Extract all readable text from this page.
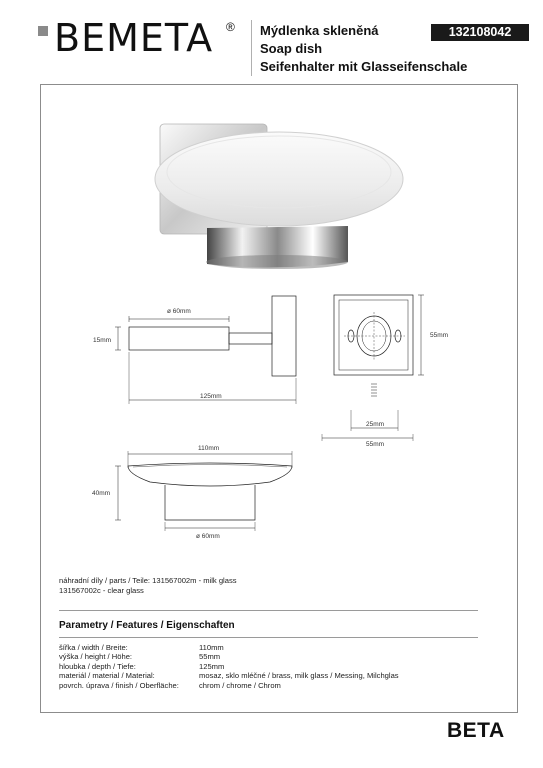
BEMETA ® Mýdlenka skleněná
Soap dish
Seifenhalter mit Glasseifenschale
132108042
ø 60mm
15mm
125mm
55mm
25mm
55mm
110mm
40mm
ø 60mm
náhradní díly / parts / Teile: 131567002m - milk glass
131567002c - clear glass
Parametry / Features / Eigenschaften
šířka / width / Breite:	110mm
výška / height / Höhe:	55mm
hloubka / depth / Tiefe:	125mm
materiál / material / Material:	mosaz, sklo mléčné / brass, milk glass / Messing, Milchglas
povrch. úprava / finish / Oberfläche:	chrom / chrome / Chrom
BETA
